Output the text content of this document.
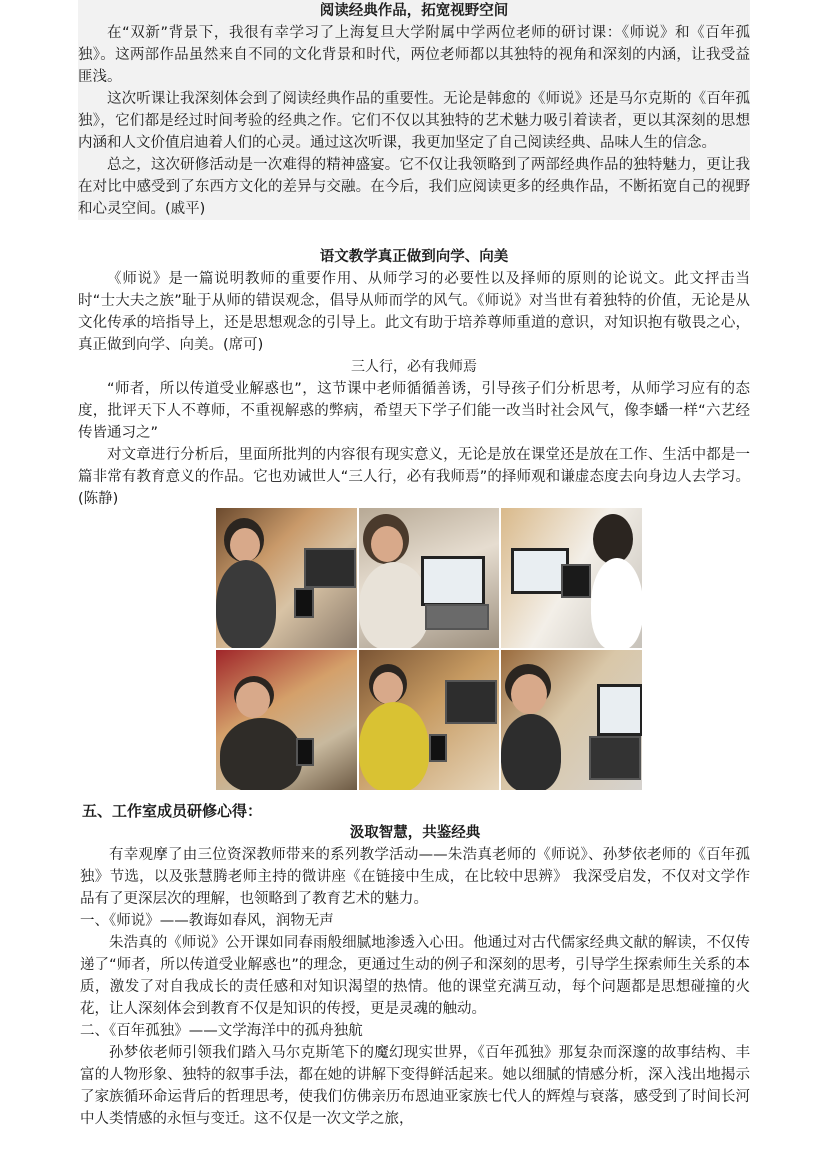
阅读经典作品，拓宽视野空间

在“双新”背景下，我很有幸学习了上海复旦大学附属中学两位老师的研讨课：《师说》和《百年孤独》。这两部作品虽然来自不同的文化背景和时代，两位老师都以其独特的视角和深刻的内涵，让我受益匪浅。

这次听课让我深刻体会到了阅读经典作品的重要性。无论是韩愈的《师说》还是马尔克斯的《百年孤独》，它们都是经过时间考验的经典之作。它们不仅以其独特的艺术魅力吸引着读者，更以其深刻的思想内涵和人文价值启迪着人们的心灵。通过这次听课，我更加坚定了自己阅读经典、品味人生的信念。

总之，这次研修活动是一次难得的精神盛宴。它不仅让我领略到了两部经典作品的独特魅力，更让我在对比中感受到了东西方文化的差异与交融。在今后，我们应阅读更多的经典作品，不断拓宽自己的视野和心灵空间。(戚平)

语文教学真正做到向学、向美

《师说》是一篇说明教师的重要作用、从师学习的必要性以及择师的原则的论说文。此文抨击当时“士大夫之族”耻于从师的错误观念，倡导从师而学的风气。《师说》对当世有着独特的价值，无论是从文化传承的培指导上，还是思想观念的引导上。此文有助于培养尊师重道的意识，对知识抱有敬畏之心，真正做到向学、向美。(席可)

三人行，必有我师焉

“师者，所以传道受业解惑也”，这节课中老师循循善诱，引导孩子们分析思考，从师学习应有的态度，批评天下人不尊师，不重视解惑的弊病，希望天下学子们能一改当时社会风气，像李蟠一样“六艺经传皆通习之”

对文章进行分析后，里面所批判的内容很有现实意义，无论是放在课堂还是放在工作、生活中都是一篇非常有教育意义的作品。它也劝诫世人“三人行，必有我师焉”的择师观和谦虚态度去向身边人去学习。(陈静)

五、工作室成员研修心得：

汲取智慧，共鉴经典

有幸观摩了由三位资深教师带来的系列教学活动——朱浩真老师的《师说》、孙梦依老师的《百年孤独》节选，以及张慧腾老师主持的微讲座《在链接中生成，在比较中思辨》 我深受启发，不仅对文学作品有了更深层次的理解，也领略到了教育艺术的魅力。

一、《师说》——教诲如春风，润物无声

朱浩真的《师说》公开课如同春雨般细腻地渗透入心田。他通过对古代儒家经典文献的解读，不仅传递了“师者，所以传道受业解惑也”的理念，更通过生动的例子和深刻的思考，引导学生探索师生关系的本质，激发了对自我成长的责任感和对知识渴望的热情。他的课堂充满互动，每个问题都是思想碰撞的火花，让人深刻体会到教育不仅是知识的传授，更是灵魂的触动。

二、《百年孤独》——文学海洋中的孤舟独航

孙梦依老师引领我们踏入马尔克斯笔下的魔幻现实世界，《百年孤独》那复杂而深邃的故事结构、丰富的人物形象、独特的叙事手法，都在她的讲解下变得鲜活起来。她以细腻的情感分析，深入浅出地揭示了家族循环命运背后的哲理思考，使我们仿佛亲历布恩迪亚家族七代人的辉煌与衰落，感受到了时间长河中人类情感的永恒与变迁。这不仅是一次文学之旅，
